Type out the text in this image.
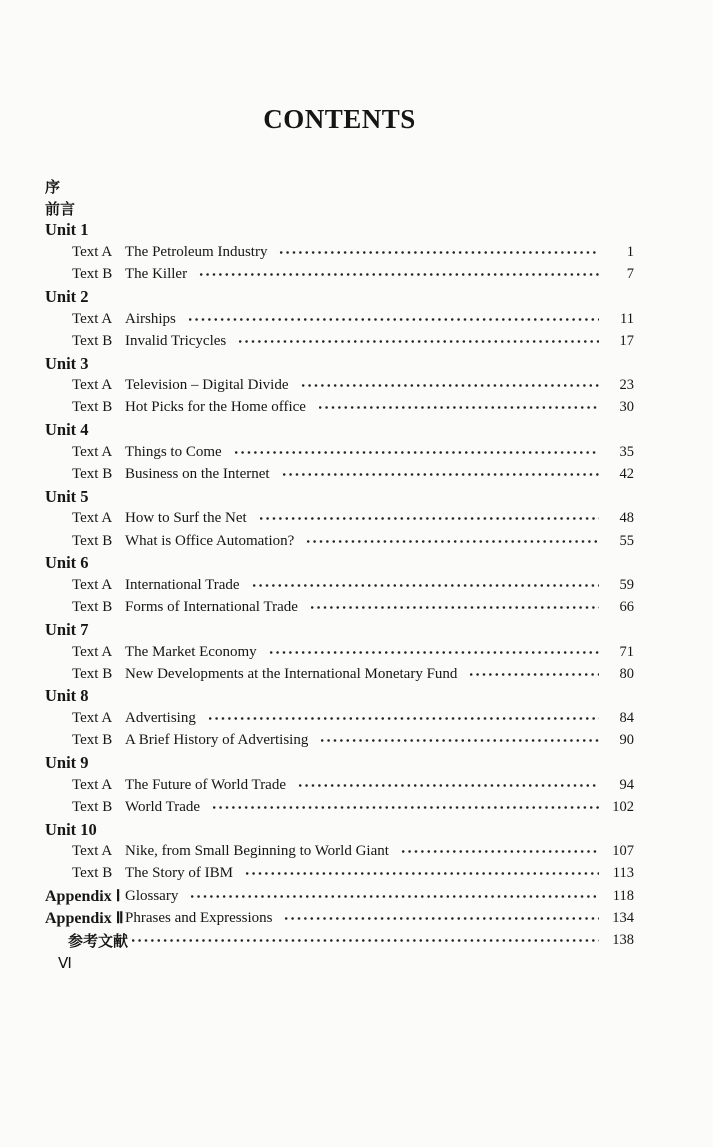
CONTENTS
序
前言
Unit 1
Text A The Petroleum Industry	1
Text B The Killer	7
Unit 2
Text A Airships	11
Text B Invalid Tricycles	17
Unit 3
Text A Television – Digital Divide	23
Text B Hot Picks for the Home office	30
Unit 4
Text A Things to Come	35
Text B Business on the Internet	42
Unit 5
Text A How to Surf the Net	48
Text B What is Office Automation?	55
Unit 6
Text A International Trade	59
Text B Forms of International Trade	66
Unit 7
Text A The Market Economy	71
Text B New Developments at the International Monetary Fund	80
Unit 8
Text A Advertising	84
Text B A Brief History of Advertising	90
Unit 9
Text A The Future of World Trade	94
Text B World Trade	102
Unit 10
Text A Nike, from Small Beginning to World Giant	107
Text B The Story of IBM	113
Appendix Ⅰ Glossary	118
Appendix Ⅱ Phrases and Expressions	134
参考文献	138
Ⅵ
